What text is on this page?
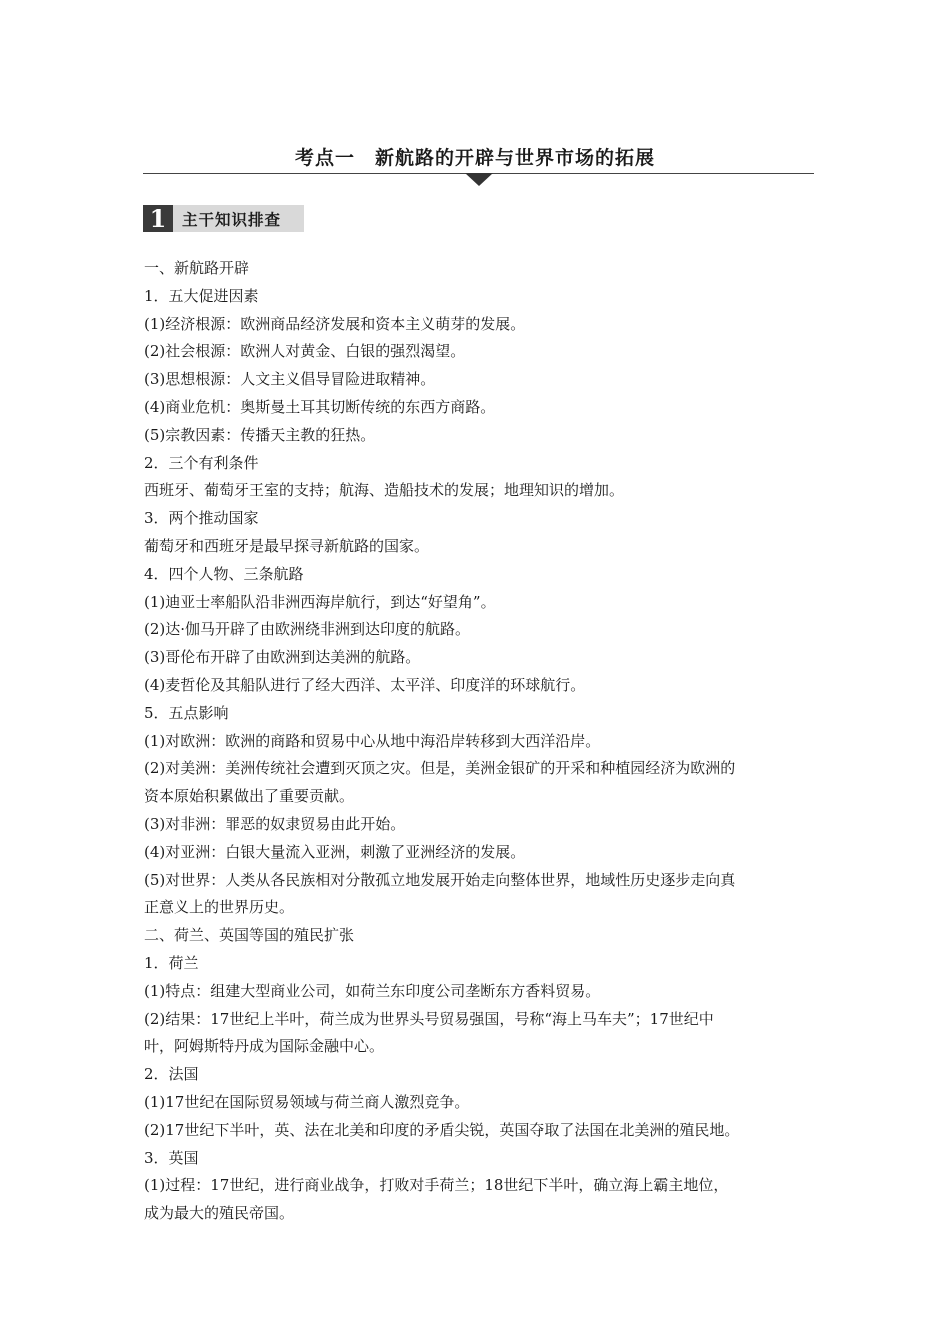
考点一　新航路的开辟与世界市场的拓展
1	主干知识排查
一、新航路开辟
1．五大促进因素
(1)经济根源：欧洲商品经济发展和资本主义萌芽的发展。
(2)社会根源：欧洲人对黄金、白银的强烈渴望。
(3)思想根源：人文主义倡导冒险进取精神。
(4)商业危机：奥斯曼土耳其切断传统的东西方商路。
(5)宗教因素：传播天主教的狂热。
2．三个有利条件
西班牙、葡萄牙王室的支持；航海、造船技术的发展；地理知识的增加。
3．两个推动国家
葡萄牙和西班牙是最早探寻新航路的国家。
4．四个人物、三条航路
(1)迪亚士率船队沿非洲西海岸航行，到达“好望角”。
(2)达·伽马开辟了由欧洲绕非洲到达印度的航路。
(3)哥伦布开辟了由欧洲到达美洲的航路。
(4)麦哲伦及其船队进行了经大西洋、太平洋、印度洋的环球航行。
5．五点影响
(1)对欧洲：欧洲的商路和贸易中心从地中海沿岸转移到大西洋沿岸。
(2)对美洲：美洲传统社会遭到灭顶之灾。但是，美洲金银矿的开采和种植园经济为欧洲的
资本原始积累做出了重要贡献。
(3)对非洲：罪恶的奴隶贸易由此开始。
(4)对亚洲：白银大量流入亚洲，刺激了亚洲经济的发展。
(5)对世界：人类从各民族相对分散孤立地发展开始走向整体世界，地域性历史逐步走向真
正意义上的世界历史。
二、荷兰、英国等国的殖民扩张
1．荷兰
(1)特点：组建大型商业公司，如荷兰东印度公司垄断东方香料贸易。
(2)结果：17世纪上半叶，荷兰成为世界头号贸易强国，号称“海上马车夫”；17世纪中
叶，阿姆斯特丹成为国际金融中心。
2．法国
(1)17世纪在国际贸易领域与荷兰商人激烈竞争。
(2)17世纪下半叶，英、法在北美和印度的矛盾尖锐，英国夺取了法国在北美洲的殖民地。
3．英国
(1)过程：17世纪，进行商业战争，打败对手荷兰；18世纪下半叶，确立海上霸主地位，
成为最大的殖民帝国。
